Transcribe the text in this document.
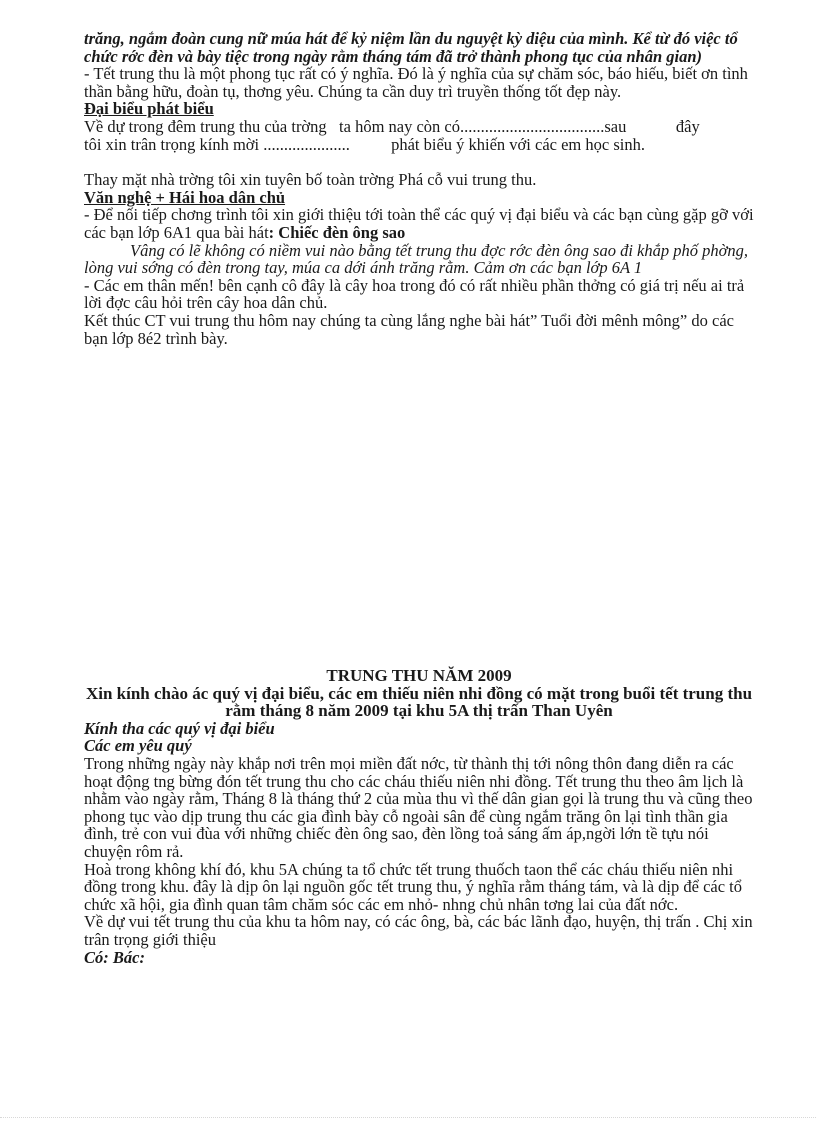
trăng, ngắm đoàn cung nữ múa hát để kỷ niệm lần du nguyệt kỳ diệu của mình. Kể từ đó việc tổ chức rớc đèn và bày tiệc trong ngày rằm tháng tám đã trở thành phong tục của nhân gian)

- Tết trung thu là một phong tục rất có ý nghĩa. Đó là ý nghĩa của sự chăm sóc, báo hiếu, biết ơn tình thần bằng hữu, đoàn tụ, thơng yêu. Chúng ta cần duy trì truyền thống tốt đẹp này.

Đại biểu phát biểu

Về dự trong đêm trung thu của trờng   ta hôm nay còn có...................................sau            đây

tôi xin trân trọng kính mời .....................          phát biểu ý khiến với các em học sinh.

Thay mặt nhà trờng tôi xin tuyên bố toàn trờng Phá cỗ vui trung thu.

Văn nghệ + Hái hoa dân chủ

- Để nối tiếp chơng trình tôi xin giới thiệu tới toàn thể các quý vị đại biểu và các bạn cùng gặp gỡ với các bạn lớp 6A1 qua bài hát: Chiếc đèn ông sao

Vâng có lẽ không có niềm vui nào bằng tết trung thu đợc rớc đèn ông sao đi khắp phố phờng, lòng vui sớng có đèn trong tay, múa ca dới ánh trăng rằm. Cảm ơn các bạn lớp 6A 1

- Các em thân mến! bên cạnh cô đây là cây hoa trong đó có rất nhiều phần thởng có giá trị nếu ai trả lời đợc câu hỏi trên cây hoa dân chủ.

Kết thúc CT vui trung thu hôm nay chúng ta cùng lắng nghe bài hát” Tuổi đời mênh mông” do các bạn lớp 8é2 trình bày.

TRUNG THU NĂM 2009

Xin kính chào ác quý vị đại biểu, các em thiếu niên nhi đồng có mặt trong buổi tết trung thu rằm tháng 8 năm 2009 tại khu 5A thị trấn Than Uyên

Kính tha các quý vị đại biểu

Các em yêu quý

Trong những ngày này khắp nơi trên mọi miền đất nớc, từ thành thị tới nông thôn đang diễn ra các hoạt động tng bừng đón tết trung thu cho các cháu thiếu niên nhi đồng. Tết trung thu theo âm lịch là nhằm vào ngày rằm, Tháng 8 là tháng thứ 2 của mùa thu vì thế dân gian gọi là trung thu và cũng theo phong tục vào dịp trung thu các gia đình bày cỗ ngoài sân để cùng ngắm trăng ôn lại tình thần gia đình, trẻ con vui đùa với những chiếc đèn ông sao, đèn lồng toả sáng ấm áp,ngời lớn tề tựu nói chuyện rôm rả.

Hoà trong không khí đó, khu 5A chúng ta tổ chức tết trung thuốch taon thể các cháu thiếu niên nhi đồng trong khu. đây là dịp ôn lại nguồn gốc tết trung thu, ý nghĩa rằm tháng tám, và là dịp để các tổ chức xã hội, gia đình quan tâm chăm sóc các em nhỏ- nhng chủ nhân tơng lai của đất nớc.

Về dự vui tết trung thu của khu ta hôm nay, có các ông, bà, các bác lãnh đạo, huyện, thị trấn . Chị xin trân trọng giới thiệu

Có: Bác:
